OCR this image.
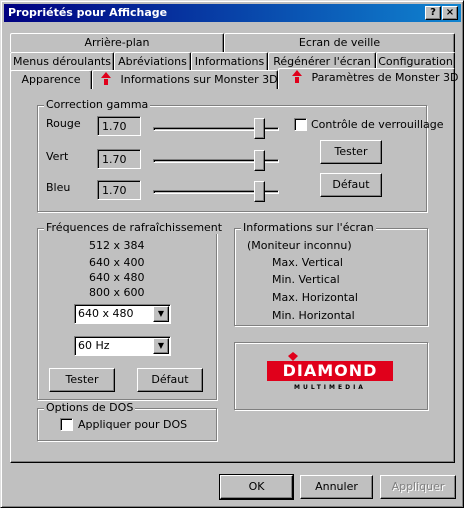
Propriétés pour Affichage	? ×
Arrière-plan	Ecran de veille
Menus déroulants Abréviations Informations Régénérer l'écran Configuration
Apparence	Informations sur Monster 3D	Paramètres de Monster 3D
Correction gamma
Rouge	1.70
Vert	1.70
Bleu	1.70
Contrôle de verrouillage
Tester
Défaut
Fréquences de rafraîchissement
512 x 384
640 x 400
640 x 480
800 x 600
640 x 480	▼
60 Hz	▼
Tester	Défaut
Informations sur l'écran
(Moniteur inconnu)
Max. Vertical
Min. Vertical
Max. Horizontal
Min. Horizontal
DIAMOND
MULTIMEDIA
Options de DOS
Appliquer pour DOS
OK	Annuler	Appliquer
